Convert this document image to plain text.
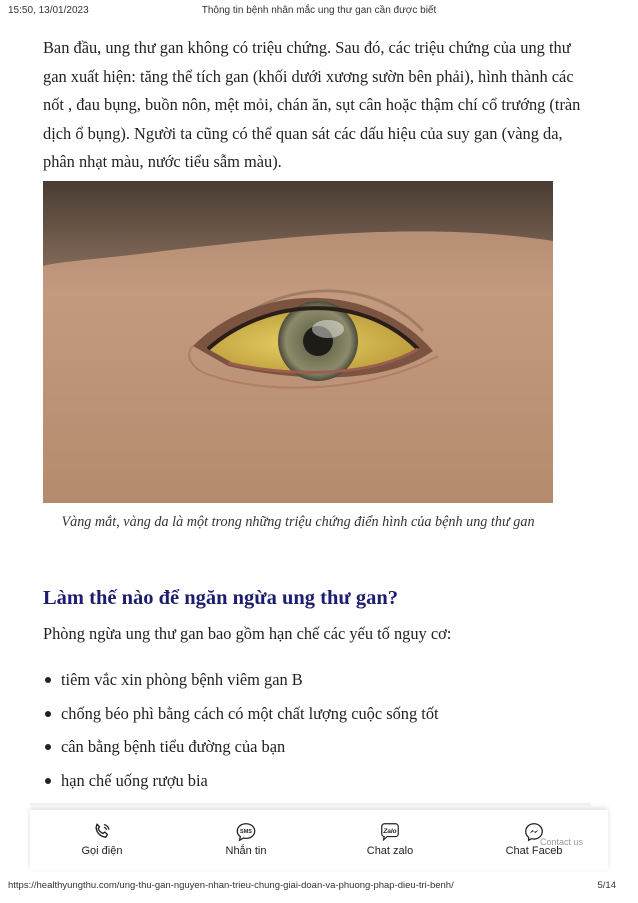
15:50, 13/01/2023	Thông tin bệnh nhân mắc ung thư gan cần được biết

Ban đầu, ung thư gan không có triệu chứng. Sau đó, các triệu chứng của ung thư gan xuất hiện: tăng thể tích gan (khối dưới xương sườn bên phải), hình thành các nốt , đau bụng, buồn nôn, mệt mỏi, chán ăn, sụt cân hoặc thậm chí cổ trướng (tràn dịch ổ bụng). Người ta cũng có thể quan sát các dấu hiệu của suy gan (vàng da, phân nhạt màu, nước tiểu sẫm màu).

Vàng mắt, vàng da là một trong những triệu chứng điển hình của bệnh ung thư gan

Làm thế nào để ngăn ngừa ung thư gan?

Phòng ngừa ung thư gan bao gồm hạn chế các yếu tố nguy cơ:

tiêm vắc xin phòng bệnh viêm gan B
chống béo phì bằng cách có một chất lượng cuộc sống tốt
cân bằng bệnh tiểu đường của bạn
hạn chế uống rượu bia
Gọi điện
SMS
Nhắn tin
Zalo
Chat zalo	Chat Faceb
Contact us
https://healthyungthu.com/ung-thu-gan-nguyen-nhan-trieu-chung-giai-doan-va-phuong-phap-dieu-tri-benh/	5/14
